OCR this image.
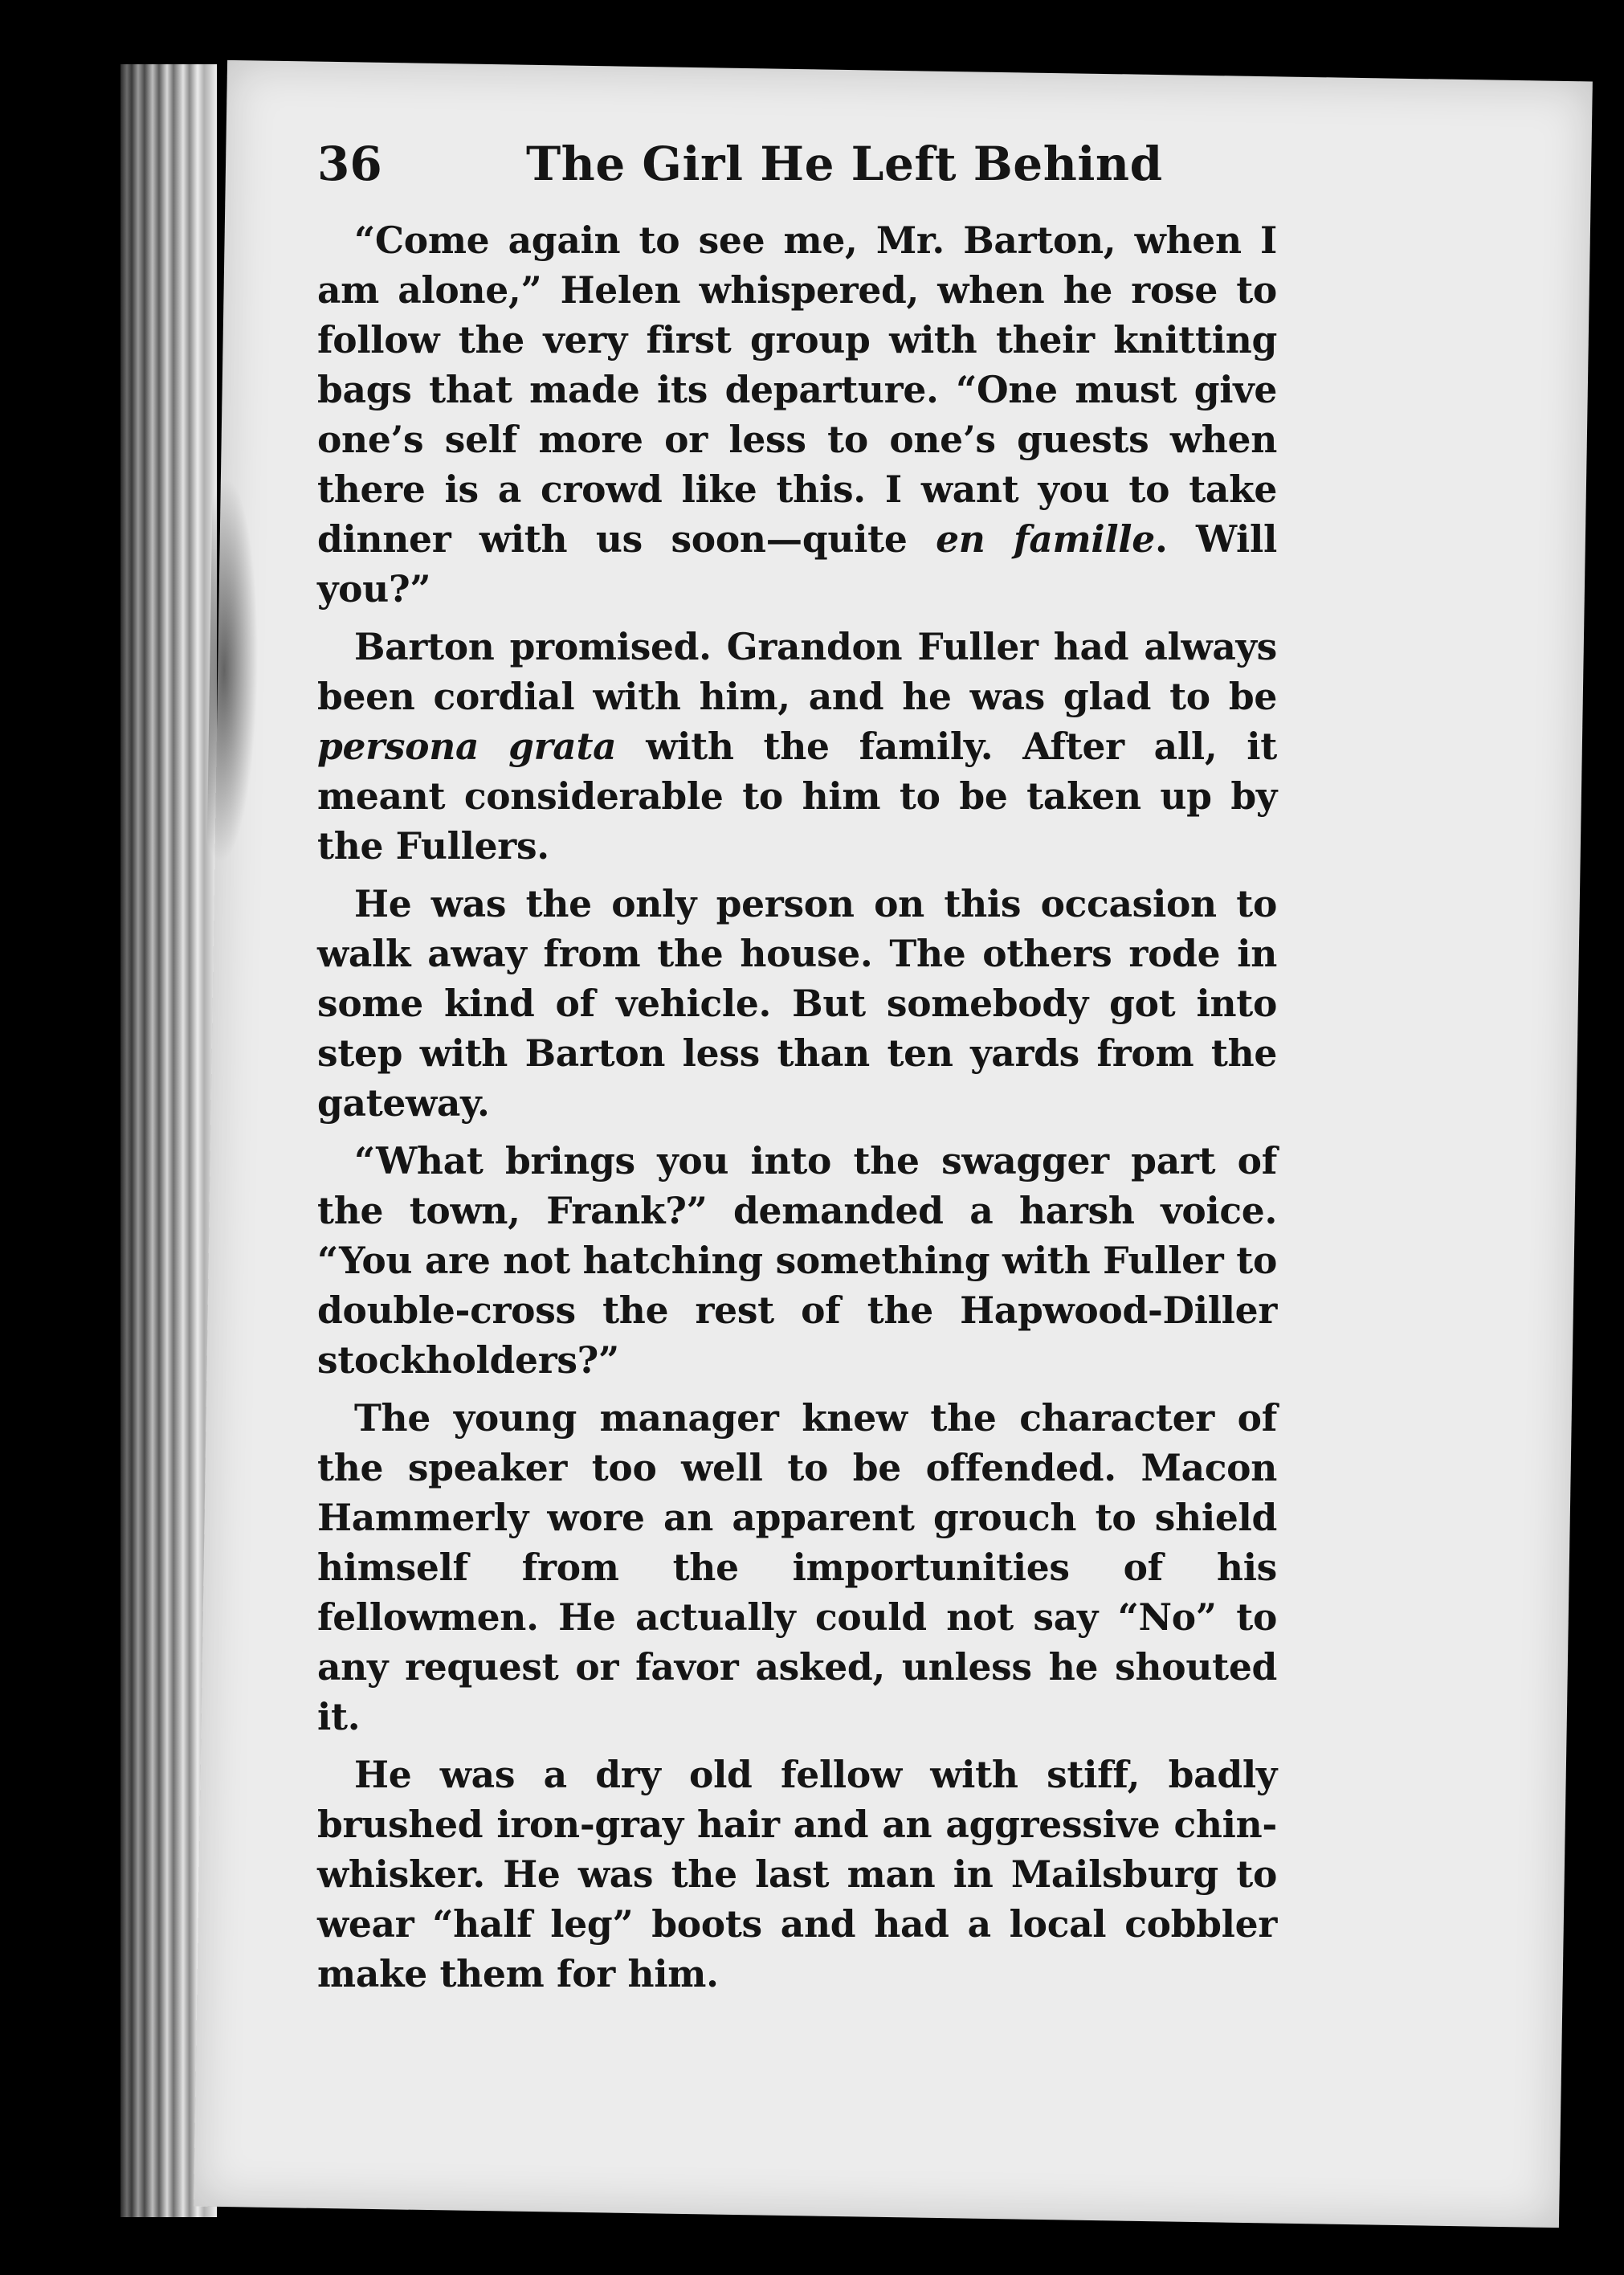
36	The Girl He Left Behind

“Come again to see me, Mr. Barton, when I am alone,” Helen whispered, when he rose to follow the very first group with their knitting bags that made its departure. “One must give one’s self more or less to one’s guests when there is a crowd like this. I want you to take dinner with us soon—quite en famille. Will you?”

Barton promised. Grandon Fuller had always been cordial with him, and he was glad to be persona grata with the family. After all, it meant considerable to him to be taken up by the Fullers.

He was the only person on this occasion to walk away from the house. The others rode in some kind of vehicle. But somebody got into step with Barton less than ten yards from the gateway.

“What brings you into the swagger part of the town, Frank?” demanded a harsh voice. “You are not hatching something with Fuller to double-cross the rest of the Hapwood-Diller stockholders?”

The young manager knew the character of the speaker too well to be offended. Macon Hammerly wore an apparent grouch to shield himself from the importunities of his fellowmen. He actually could not say “No” to any request or favor asked, unless he shouted it.

He was a dry old fellow with stiff, badly brushed iron-gray hair and an aggressive chin-whisker. He was the last man in Mailsburg to wear “half leg” boots and had a local cobbler make them for him.
